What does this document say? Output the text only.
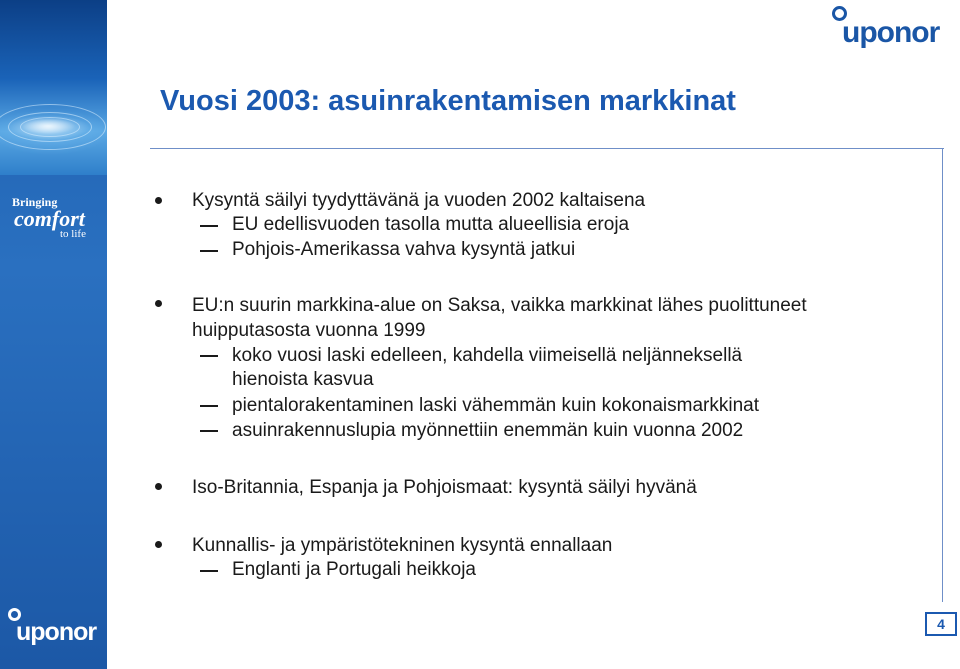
Bringing
comfort
to life
uponor
uponor
Vuosi 2003: asuinrakentamisen markkinat
Kysyntä säilyi tyydyttävänä ja vuoden 2002 kaltaisena
EU edellisvuoden tasolla mutta alueellisia eroja
Pohjois-Amerikassa vahva kysyntä jatkui
EU:n suurin markkina-alue on Saksa, vaikka markkinat lähes puolittuneet
huipputasosta vuonna 1999
koko vuosi laski edelleen, kahdella viimeisellä neljänneksellä
hienoista kasvua
pientalorakentaminen laski vähemmän kuin kokonaismarkkinat
asuinrakennuslupia myönnettiin enemmän kuin vuonna 2002
Iso-Britannia, Espanja ja Pohjoismaat: kysyntä säilyi hyvänä
Kunnallis- ja ympäristötekninen kysyntä ennallaan
Englanti ja Portugali heikkoja
4
